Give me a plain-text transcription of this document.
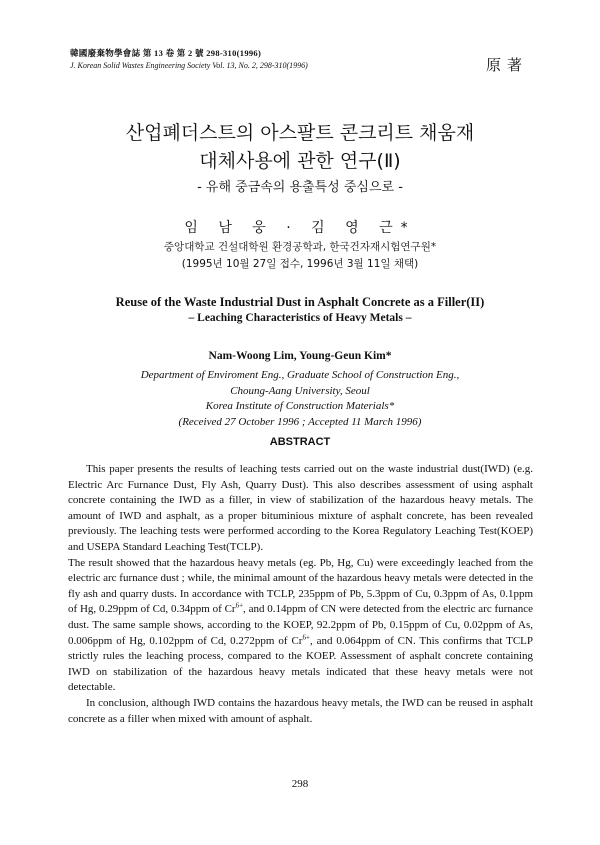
韓國廢棄物學會誌 第 13 卷 第 2 號 298-310(1996)
J. Korean Solid Wastes Engineering Society Vol. 13, No. 2, 298-310(1996)	原著
산업폐더스트의 아스팔트 콘크리트 채움재
대체사용에 관한 연구(Ⅱ)
- 유해 중금속의 용출특성 중심으로 -
임 남 웅 · 김 영 근*
중앙대학교 건설대학원 환경공학과, 한국건자재시험연구원*
(1995년 10월 27일 접수, 1996년 3월 11일 채택)
Reuse of the Waste Industrial Dust in Asphalt Concrete as a Filler(II)
– Leaching Characteristics of Heavy Metals –
Nam-Woong Lim, Young-Geun Kim*
Department of Enviroment Eng., Graduate School of Construction Eng.,
Choung-Aang University, Seoul
Korea Institute of Construction Materials*
(Received 27 October 1996 ; Accepted 11 March 1996)
ABSTRACT

This paper presents the results of leaching tests carried out on the waste industrial dust(IWD) (e.g. Electric Arc Furnance Dust, Fly Ash, Quarry Dust). This also describes assessment of using asphalt concrete containing the IWD as a filler, in view of stabilization of the hazardous heavy metals. The amount of IWD and asphalt, as a proper bituminious mixture of asphalt concrete, has been revealed previously. The leaching tests were performed according to the Korea Regulatory Leaching Test(KOEP) and USEPA Standard Leaching Test(TCLP).

The result showed that the hazardous heavy metals (eg. Pb, Hg, Cu) were exceedingly leached from the electric arc furnance dust ; while, the minimal amount of the hazardous heavy metals were detected in the fly ash and quarry dusts. In accordance with TCLP, 235ppm of Pb, 5.3ppm of Cu, 0.3ppm of As, 0.1ppm of Hg, 0.29ppm of Cd, 0.34ppm of $Cr^{6+}$, and 0.14ppm of CN were detected from the electric arc furnance dust. The same sample shows, according to the KOEP, 92.2ppm of Pb, 0.15ppm of Cu, 0.02ppm of As, 0.006ppm of Hg, 0.102ppm of Cd, 0.272ppm of $Cr^{6+}$, and 0.064ppm of CN. This confirms that TCLP strictly rules the leaching process, compared to the KOEP. Assessment of asphalt concrete containing IWD on stabilization of the hazardous heavy metals indicated that these heavy metals were not detectable.

In conclusion, although IWD contains the hazardous heavy metals, the IWD can be reused in asphalt concrete as a filler when mixed with amount of asphalt.

298
